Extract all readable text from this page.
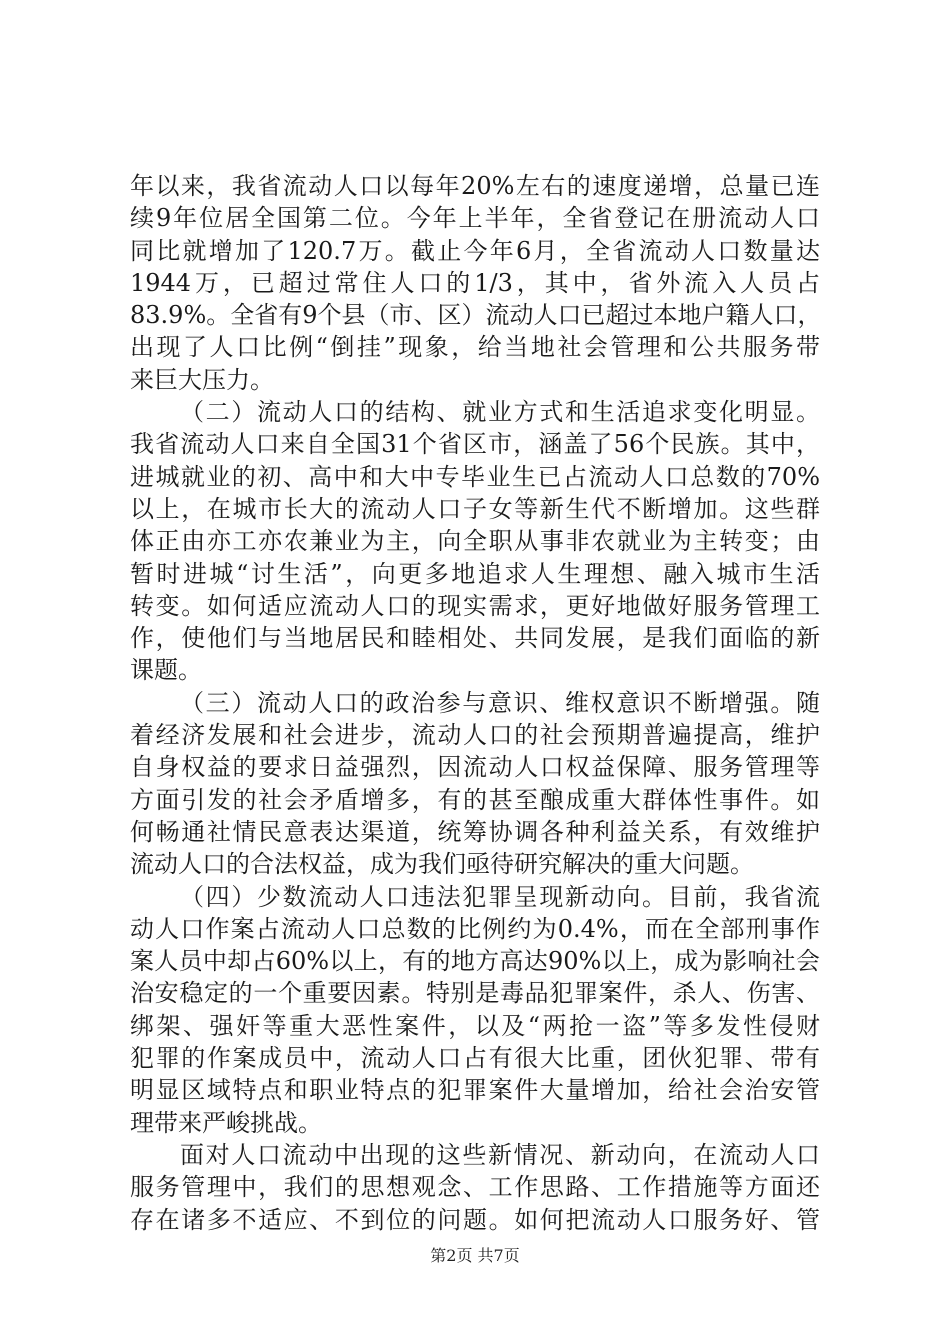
年以来，我省流动人口以每年20%左右的速度递增，总量已连
续9年位居全国第二位。今年上半年，全省登记在册流动人口
同比就增加了120.7万。截止今年6月，全省流动人口数量达
1944万，已超过常住人口的1/3，其中，省外流入人员占
83.9%。全省有9个县（市、区）流动人口已超过本地户籍人口，
出现了人口比例“倒挂”现象，给当地社会管理和公共服务带
来巨大压力。
（二）流动人口的结构、就业方式和生活追求变化明显。
我省流动人口来自全国31个省区市，涵盖了56个民族。其中，
进城就业的初、高中和大中专毕业生已占流动人口总数的70%
以上，在城市长大的流动人口子女等新生代不断增加。这些群
体正由亦工亦农兼业为主，向全职从事非农就业为主转变；由
暂时进城“讨生活”，向更多地追求人生理想、融入城市生活
转变。如何适应流动人口的现实需求，更好地做好服务管理工
作，使他们与当地居民和睦相处、共同发展，是我们面临的新
课题。
（三）流动人口的政治参与意识、维权意识不断增强。随
着经济发展和社会进步，流动人口的社会预期普遍提高，维护
自身权益的要求日益强烈，因流动人口权益保障、服务管理等
方面引发的社会矛盾增多，有的甚至酿成重大群体性事件。如
何畅通社情民意表达渠道，统筹协调各种利益关系，有效维护
流动人口的合法权益，成为我们亟待研究解决的重大问题。
（四）少数流动人口违法犯罪呈现新动向。目前，我省流
动人口作案占流动人口总数的比例约为0.4%，而在全部刑事作
案人员中却占60%以上，有的地方高达90%以上，成为影响社会
治安稳定的一个重要因素。特别是毒品犯罪案件，杀人、伤害、
绑架、强奸等重大恶性案件，以及“两抢一盗”等多发性侵财
犯罪的作案成员中，流动人口占有很大比重，团伙犯罪、带有
明显区域特点和职业特点的犯罪案件大量增加，给社会治安管
理带来严峻挑战。
面对人口流动中出现的这些新情况、新动向，在流动人口
服务管理中，我们的思想观念、工作思路、工作措施等方面还
存在诸多不适应、不到位的问题。如何把流动人口服务好、管
第2页 共7页
